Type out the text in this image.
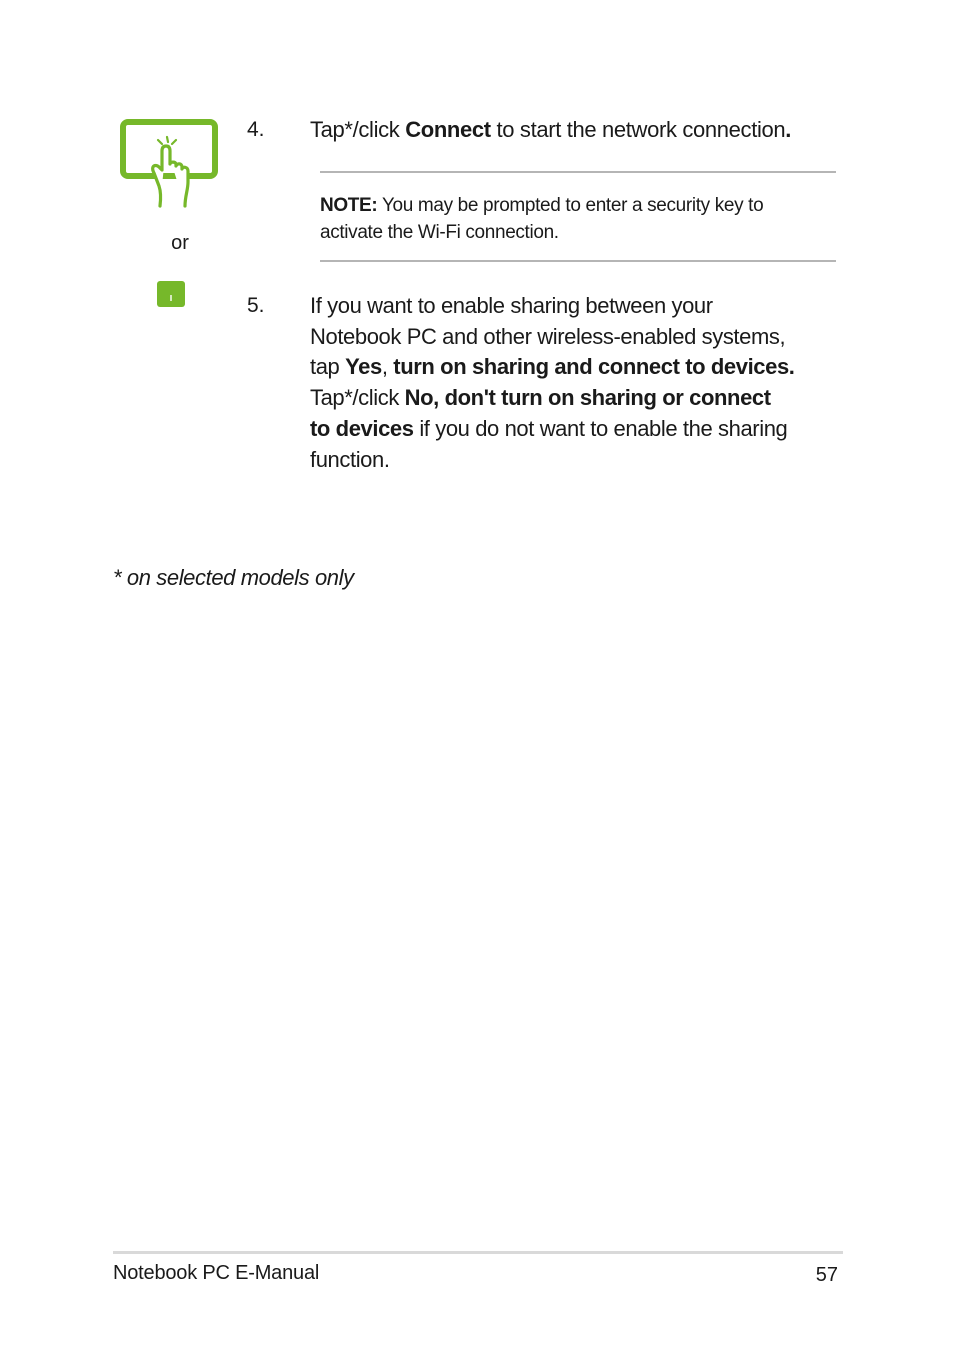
or
4. Tap*/click Connect to start the network connection.
NOTE: You may be prompted to enter a security key to
activate the Wi-Fi connection.
5. If you want to enable sharing between your
Notebook PC and other wireless-enabled systems,
tap Yes, turn on sharing and connect to devices.
Tap*/click No, don't turn on sharing or connect
to devices if you do not want to enable the sharing
function.
* on selected models only
Notebook PC E-Manual	57
